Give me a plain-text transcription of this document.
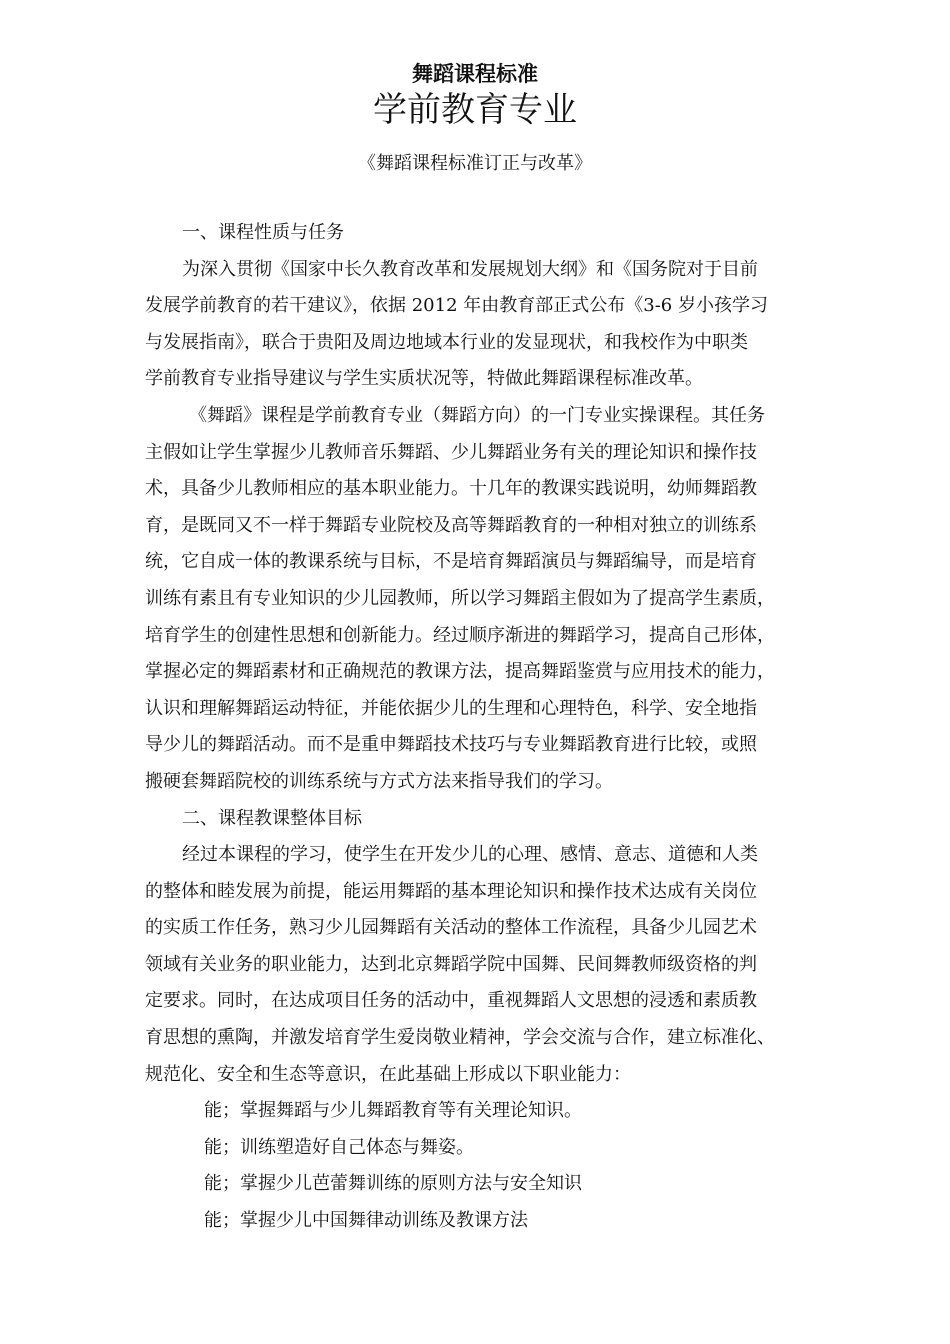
舞蹈课程标准
学前教育专业
《舞蹈课程标准订正与改革》
一、课程性质与任务
为深入贯彻《国家中长久教育改革和发展规划大纲》和《国务院对于目前
发展学前教育的若干建议》，依据 2012 年由教育部正式公布《3-6 岁小孩学习
与发展指南》，联合于贵阳及周边地域本行业的发显现状，和我校作为中职类
学前教育专业指导建议与学生实质状况等，特做此舞蹈课程标准改革。
《舞蹈》课程是学前教育专业（舞蹈方向）的一门专业实操课程。其任务
主假如让学生掌握少儿教师音乐舞蹈、少儿舞蹈业务有关的理论知识和操作技
术，具备少儿教师相应的基本职业能力。十几年的教课实践说明，幼师舞蹈教
育，是既同又不一样于舞蹈专业院校及高等舞蹈教育的一种相对独立的训练系
统，它自成一体的教课系统与目标，不是培育舞蹈演员与舞蹈编导，而是培育
训练有素且有专业知识的少儿园教师，所以学习舞蹈主假如为了提高学生素质，
培育学生的创建性思想和创新能力。经过顺序渐进的舞蹈学习，提高自己形体，
掌握必定的舞蹈素材和正确规范的教课方法，提高舞蹈鉴赏与应用技术的能力，
认识和理解舞蹈运动特征，并能依据少儿的生理和心理特色，科学、安全地指
导少儿的舞蹈活动。而不是重申舞蹈技术技巧与专业舞蹈教育进行比较，或照
搬硬套舞蹈院校的训练系统与方式方法来指导我们的学习。
二、课程教课整体目标
经过本课程的学习，使学生在开发少儿的心理、感情、意志、道德和人类
的整体和睦发展为前提，能运用舞蹈的基本理论知识和操作技术达成有关岗位
的实质工作任务，熟习少儿园舞蹈有关活动的整体工作流程，具备少儿园艺术
领域有关业务的职业能力，达到北京舞蹈学院中国舞、民间舞教师级资格的判
定要求。同时，在达成项目任务的活动中，重视舞蹈人文思想的浸透和素质教
育思想的熏陶，并激发培育学生爱岗敬业精神，学会交流与合作，建立标准化、
规范化、安全和生态等意识，在此基础上形成以下职业能力：
能；掌握舞蹈与少儿舞蹈教育等有关理论知识。
能；训练塑造好自己体态与舞姿。
能；掌握少儿芭蕾舞训练的原则方法与安全知识
能；掌握少儿中国舞律动训练及教课方法
